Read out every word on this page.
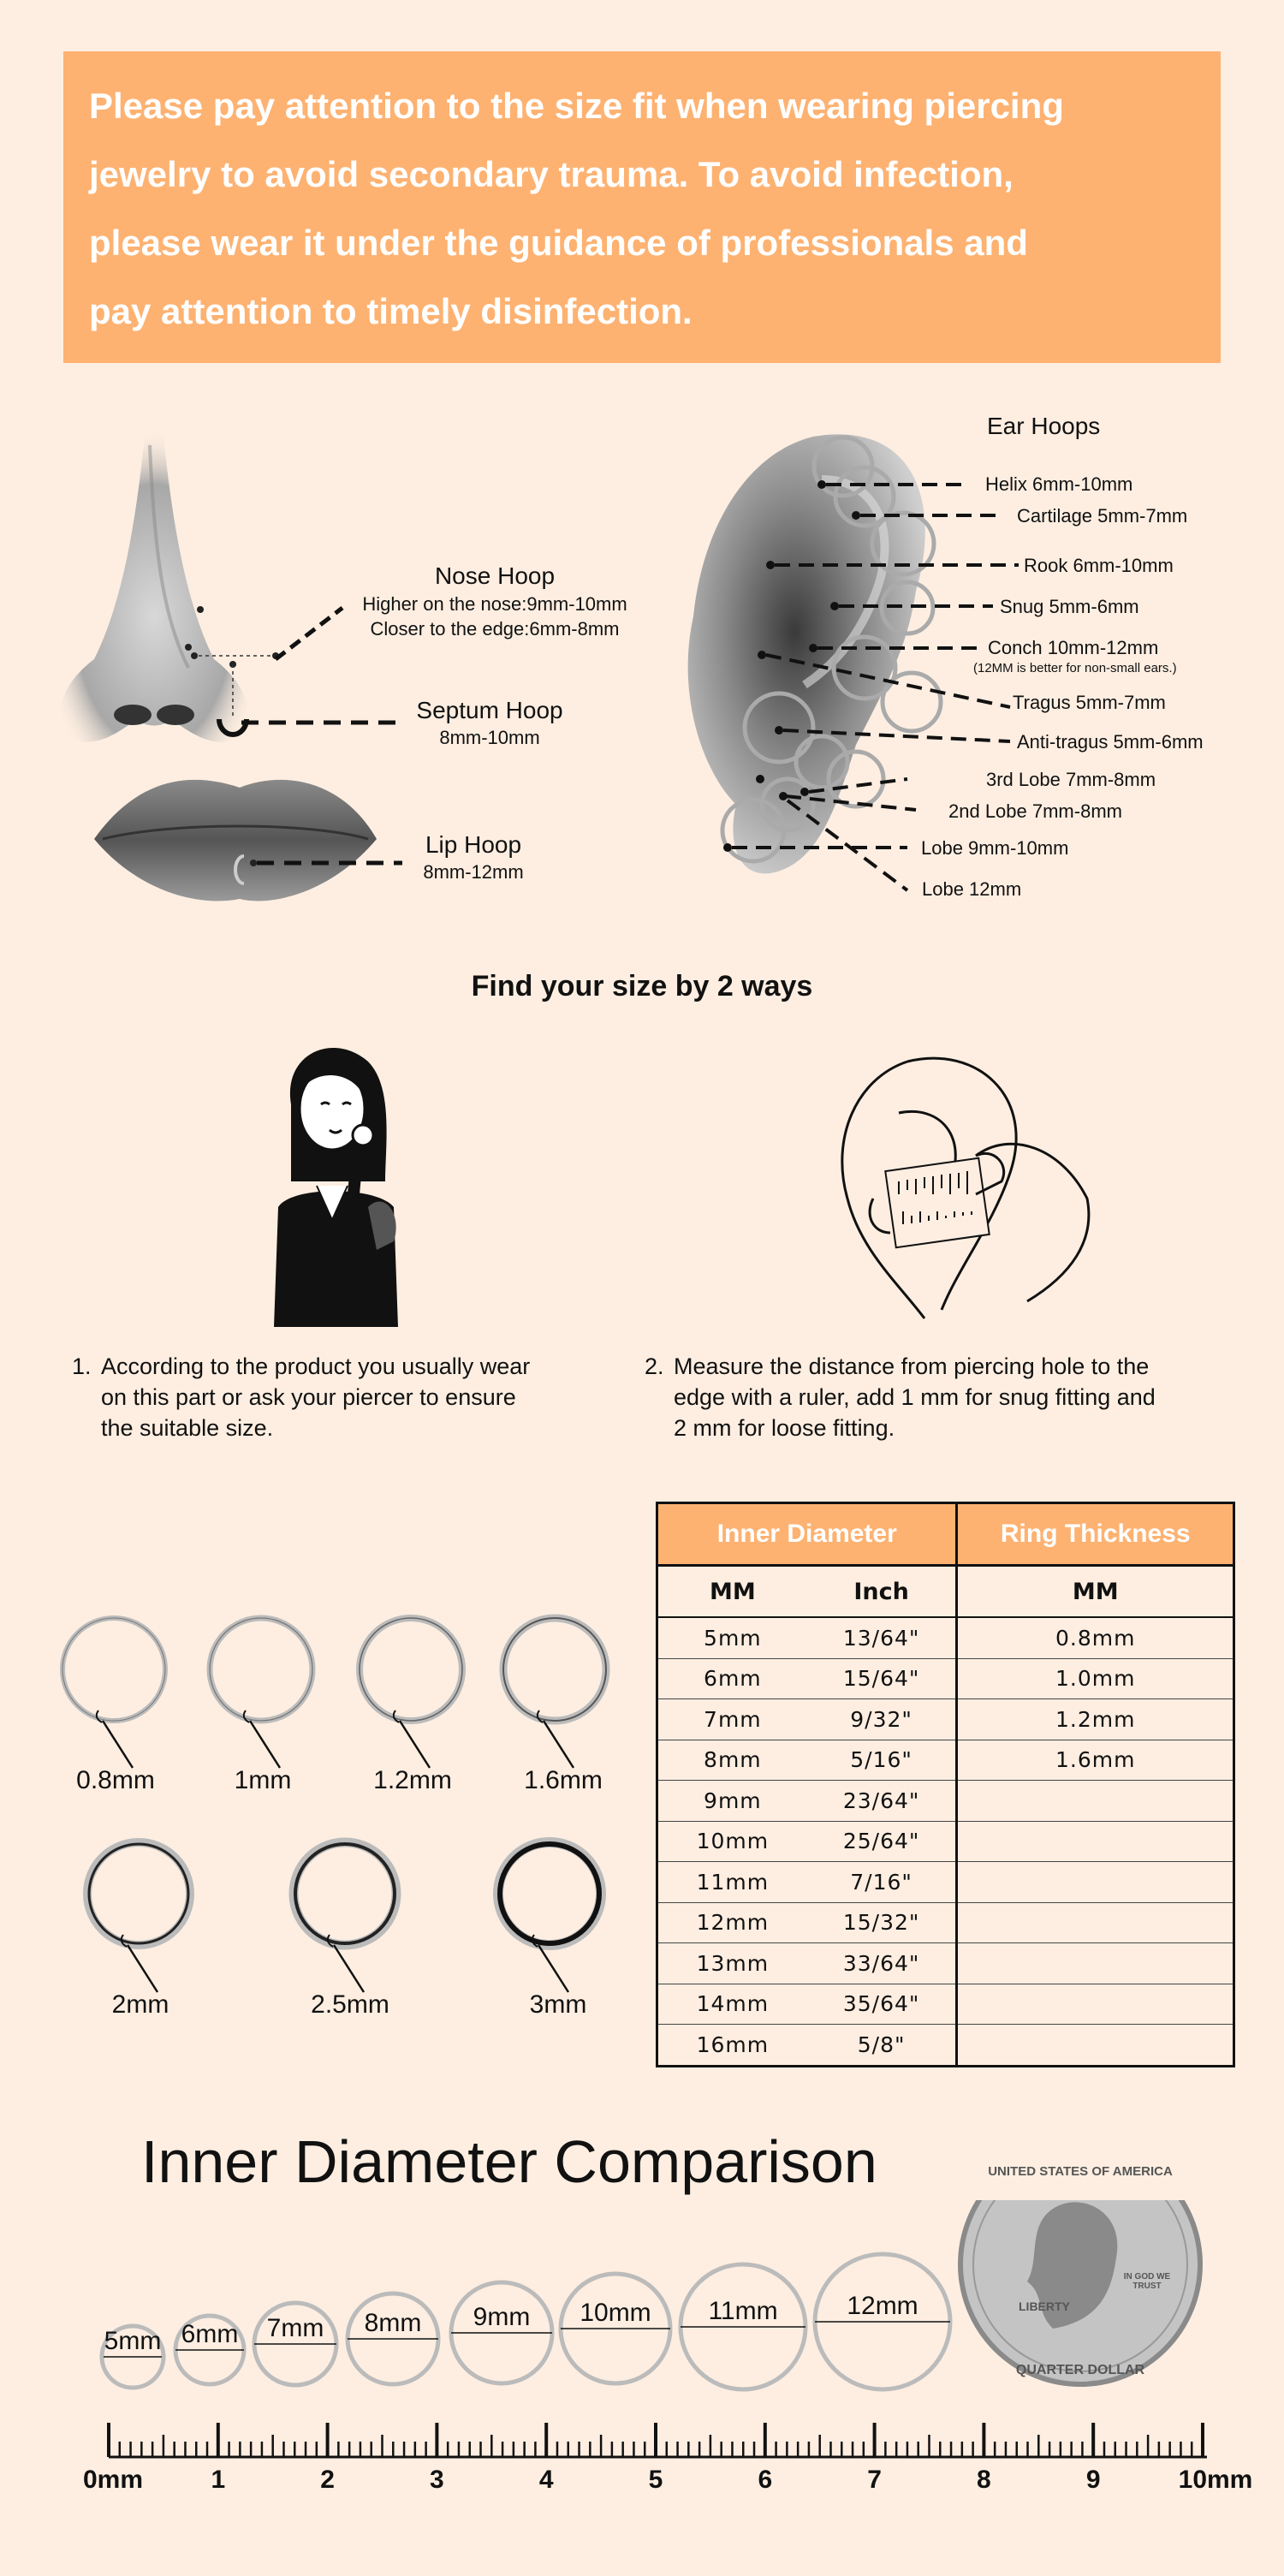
Please pay attention to the size fit when wearing piercing

jewelry to avoid secondary trauma. To avoid infection,

please wear it under the guidance of professionals and

pay attention to timely disinfection.

Nose Hoop
Higher on the nose:9mm-10mm
Closer to the edge:6mm-8mm
Septum Hoop
8mm-10mm
Lip Hoop
8mm-12mm
Ear Hoops
Helix 6mm-10mm
Cartilage 5mm-7mm
Rook 6mm-10mm
Snug 5mm-6mm
Conch 10mm-12mm
(12MM is better for non-small ears.)
Tragus 5mm-7mm
Anti-tragus 5mm-6mm
3rd Lobe 7mm-8mm
2nd Lobe 7mm-8mm
Lobe 9mm-10mm
Lobe 12mm
Find your size by 2 ways
1. According to the product you usually wear
on this part or ask your piercer to ensure
the suitable size.
2. Measure the distance from piercing hole to the
edge with a ruler, add 1 mm for snug fitting and
2 mm for loose fitting.
0.8mm	1mm	1.2mm	1.6mm
2mm	2.5mm	3mm
Inner Diameter		Ring Thickness
MM	Inch	MM
5mm	13/64"	0.8mm
6mm	15/64"	1.0mm
7mm	9/32"	1.2mm
8mm	5/16"	1.6mm
9mm	23/64"	
10mm	25/64"	
11mm	7/16"	
12mm	15/32"	
13mm	33/64"	
14mm	35/64"	
16mm	5/8"	
Inner Diameter Comparison
5mm 6mm 7mm 8mm 9mm 10mm 11mm	12mm
UNITED STATES OF AMERICA
LIBERTY
IN GOD WE TRUST
QUARTER DOLLAR
0mm	1	2	3	4	5	6	7	8	9	10mm
